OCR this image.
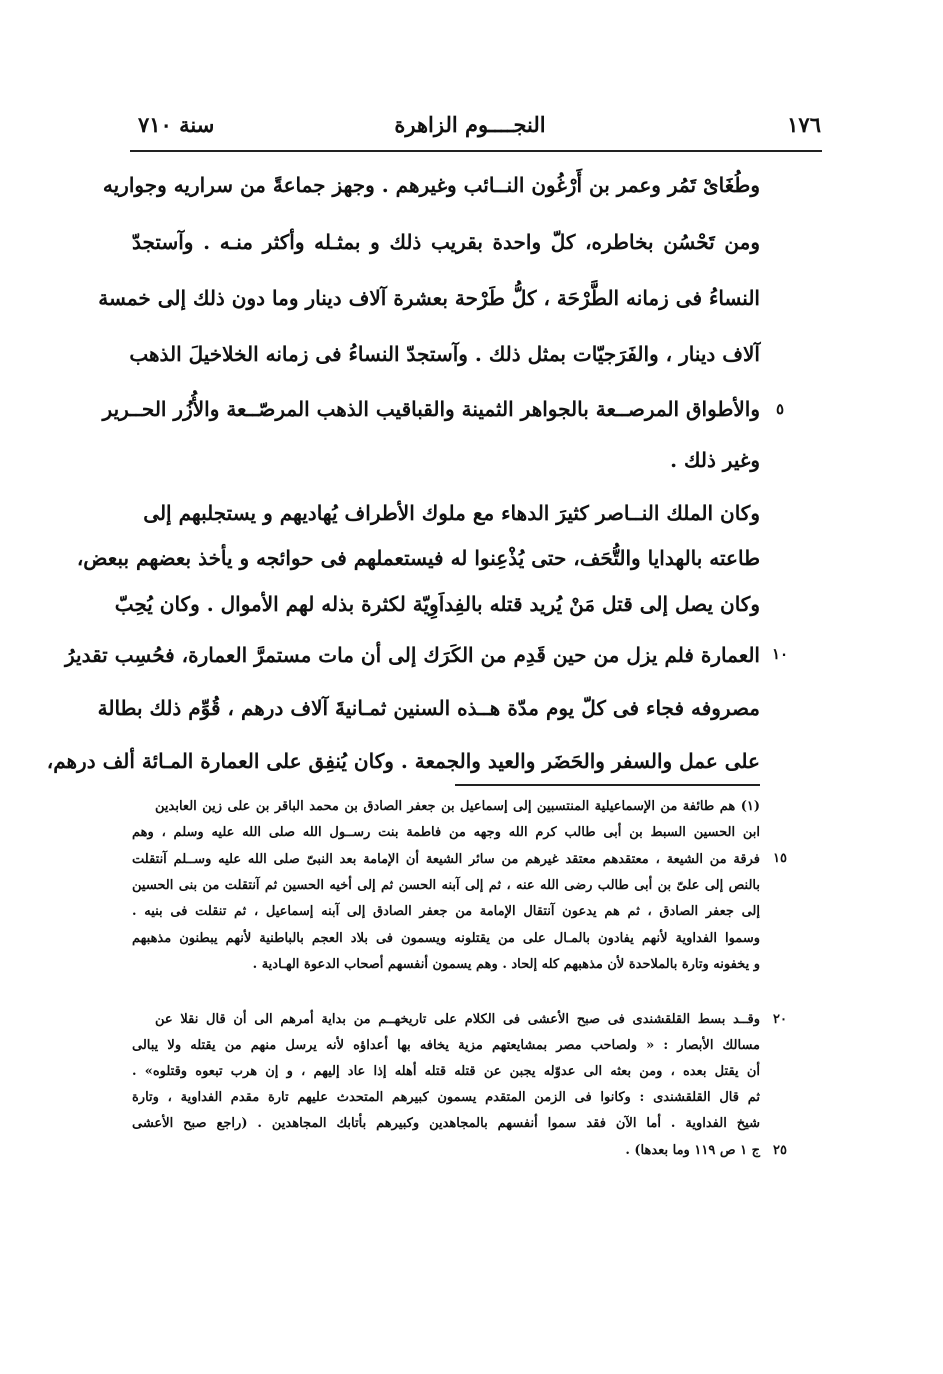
١٧٦
النجــــوم الزاهرة
سنة ٧١٠
وطُغَاىْ تَمُر وعمر بن أَرْغُون النــائب وغيرهم . وجهز جماعةً من سراريه وجواريه
ومن تَحْسُن بخاطره، كلّ واحدة بقريب ذلك و بمثـله وأكثر منـه . وآستجدّ
النساءُ فى زمانه الطَّرْحَة ، كلُّ طَرْحة بعشرة آلاف دينار وما دون ذلك إلى خمسة
آلاف دينار ، والفَرَجيّات بمثل ذلك . وآستجدّ النساءُ فى زمانه الخلاخيلَ الذهب
والأطواق المرصــعة بالجواهر الثمينة والقباقيب الذهب المرصّــعة والأُزُر الحــرير
وغير ذلك .
وكان الملك النــاصر كثيرَ الدهاء مع ملوك الأطراف يُهاديهم و يستجلبهم إلى
طاعته بالهدايا والتُّحَف، حتى يُذْعِنوا له فيستعملهم فى حوائجه و يأخذ بعضهم ببعض،
وكان يصل إلى قتل مَنْ يُريد قتله بالفِداَوِيّة لكثرة بذله لهم الأموال . وكان يُحِبّ
العمارة فلم يزل من حين قَدِم من الكَرَك إلى أن مات مستمرَّ العمارة، فحُسِب تقديرُ
مصروفه فجاء فى كلّ يوم مدّة هــذه السنين ثمـانيةَ آلاف درهم ، قُوِّم ذلك بطالة
على عمل والسفر والحَضَر والعيد والجمعة . وكان يُنفِق على العمارة المـائة ألف درهم،
(١) هم طائفة من الإسماعيلية المنتسبين إلى إسماعيل بن جعفر الصادق بن محمد الباقر بن على زين العابدين
ابن الحسين السبط بن أبى طالب كرم الله وجهه من فاطمة بنت رســول الله صلى الله عليه وسلم ، وهم
فرقة من الشيعة ، معتقدهم معتقد غيرهم من سائر الشيعة أن الإمامة بعد النبىّ صلى الله عليه وســلم آنتقلت
بالنص إلى علىّ بن أبى طالب رضى الله عنه ، ثم إلى آبنه الحسن ثم إلى أخيه الحسين ثم آنتقلت من بنى الحسين
إلى جعفر الصادق ، ثم هم يدعون آنتقال الإمامة من جعفر الصادق إلى آبنه إسماعيل ، ثم تنقلت فى بنيه .
وسموا الفداوية لأنهم يفادون بالمـال على من يقتلونه ويسمون فى بلاد العجم بالباطنية لأنهم يبطنون مذهبهم
و يخفونه وتارة بالملاحدة لأن مذهبهم كله إلحاد . وهم يسمون أنفسهم أصحاب الدعوة الهـادية .
وقــد بسط القلقشندى فى صبح الأعشى فى الكلام على تاريخهــم من بداية أمرهم الى أن قال نقلا عن
مسالك الأبصار : « ولصاحب مصر بمشايعتهم مزية يخافه بها أعداؤه لأنه يرسل منهم من يقتله ولا يبالى
أن يقتل بعده ، ومن بعثه الى عدوّله يجبن عن قتله قتله أهله إذا عاد إليهم ، و إن هرب تبعوه وقتلوه» .
ثم قال القلقشندى : وكانوا فى الزمن المتقدم يسمون كبيرهم المتحدث عليهم تارة مقدم الفداوية ، وتارة
شيخ الفداوية . أما الآن فقد سموا أنفسهم بالمجاهدين وكبيرهم بأتابك المجاهدين . (راجع صبح الأعشى
ج ١ ص ١١٩ وما بعدها) .
٥
١٠
١٥
٢٠
٢٥
